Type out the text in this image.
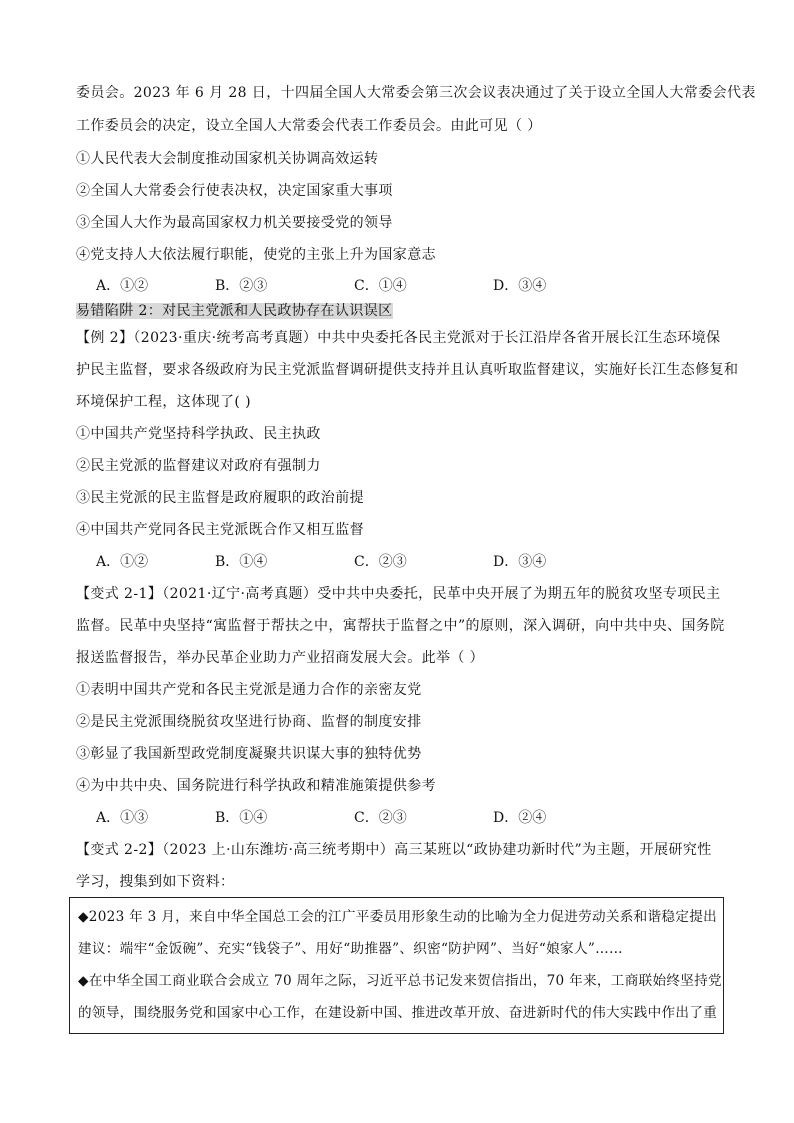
委员会。2023 年 6 月 28 日，十四届全国人大常委会第三次会议表决通过了关于设立全国人大常委会代表
工作委员会的决定，设立全国人大常委会代表工作委员会。由此可见（ ）
①人民代表大会制度推动国家机关协调高效运转
②全国人大常委会行使表决权，决定国家重大事项
③全国人大作为最高国家权力机关要接受党的领导
④党支持人大依法履行职能，使党的主张上升为国家意志
A．①②	B．②③	C．①④	D．③④
易错陷阱 2：对民主党派和人民政协存在认识误区
【例 2】（2023·重庆·统考高考真题）中共中央委托各民主党派对于长江沿岸各省开展长江生态环境保
护民主监督，要求各级政府为民主党派监督调研提供支持并且认真听取监督建议，实施好长江生态修复和
环境保护工程，这体现了( )
①中国共产党坚持科学执政、民主执政
②民主党派的监督建议对政府有强制力
③民主党派的民主监督是政府履职的政治前提
④中国共产党同各民主党派既合作又相互监督
A．①②	B．①④	C．②③	D．③④
【变式 2-1】（2021·辽宁·高考真题）受中共中央委托，民革中央开展了为期五年的脱贫攻坚专项民主
监督。民革中央坚持“寓监督于帮扶之中，寓帮扶于监督之中”的原则，深入调研，向中共中央、国务院
报送监督报告，举办民革企业助力产业招商发展大会。此举（ ）
①表明中国共产党和各民主党派是通力合作的亲密友党
②是民主党派围绕脱贫攻坚进行协商、监督的制度安排
③彰显了我国新型政党制度凝聚共识谋大事的独特优势
④为中共中央、国务院进行科学执政和精准施策提供参考
A．①③	B．①④	C．②③	D．②④
【变式 2-2】（2023 上·山东潍坊·高三统考期中）高三某班以“政协建功新时代”为主题，开展研究性
学习，搜集到如下资料：
◆2023 年 3 月，来自中华全国总工会的江广平委员用形象生动的比喻为全力促进劳动关系和谐稳定提出
建议：端牢“金饭碗”、充实“钱袋子”、用好“助推器”、织密“防护网”、当好“娘家人”……
◆在中华全国工商业联合会成立 70 周年之际，习近平总书记发来贺信指出，70 年来，工商联始终坚持党
的领导，围绕服务党和国家中心工作，在建设新中国、推进改革开放、奋进新时代的伟大实践中作出了重
